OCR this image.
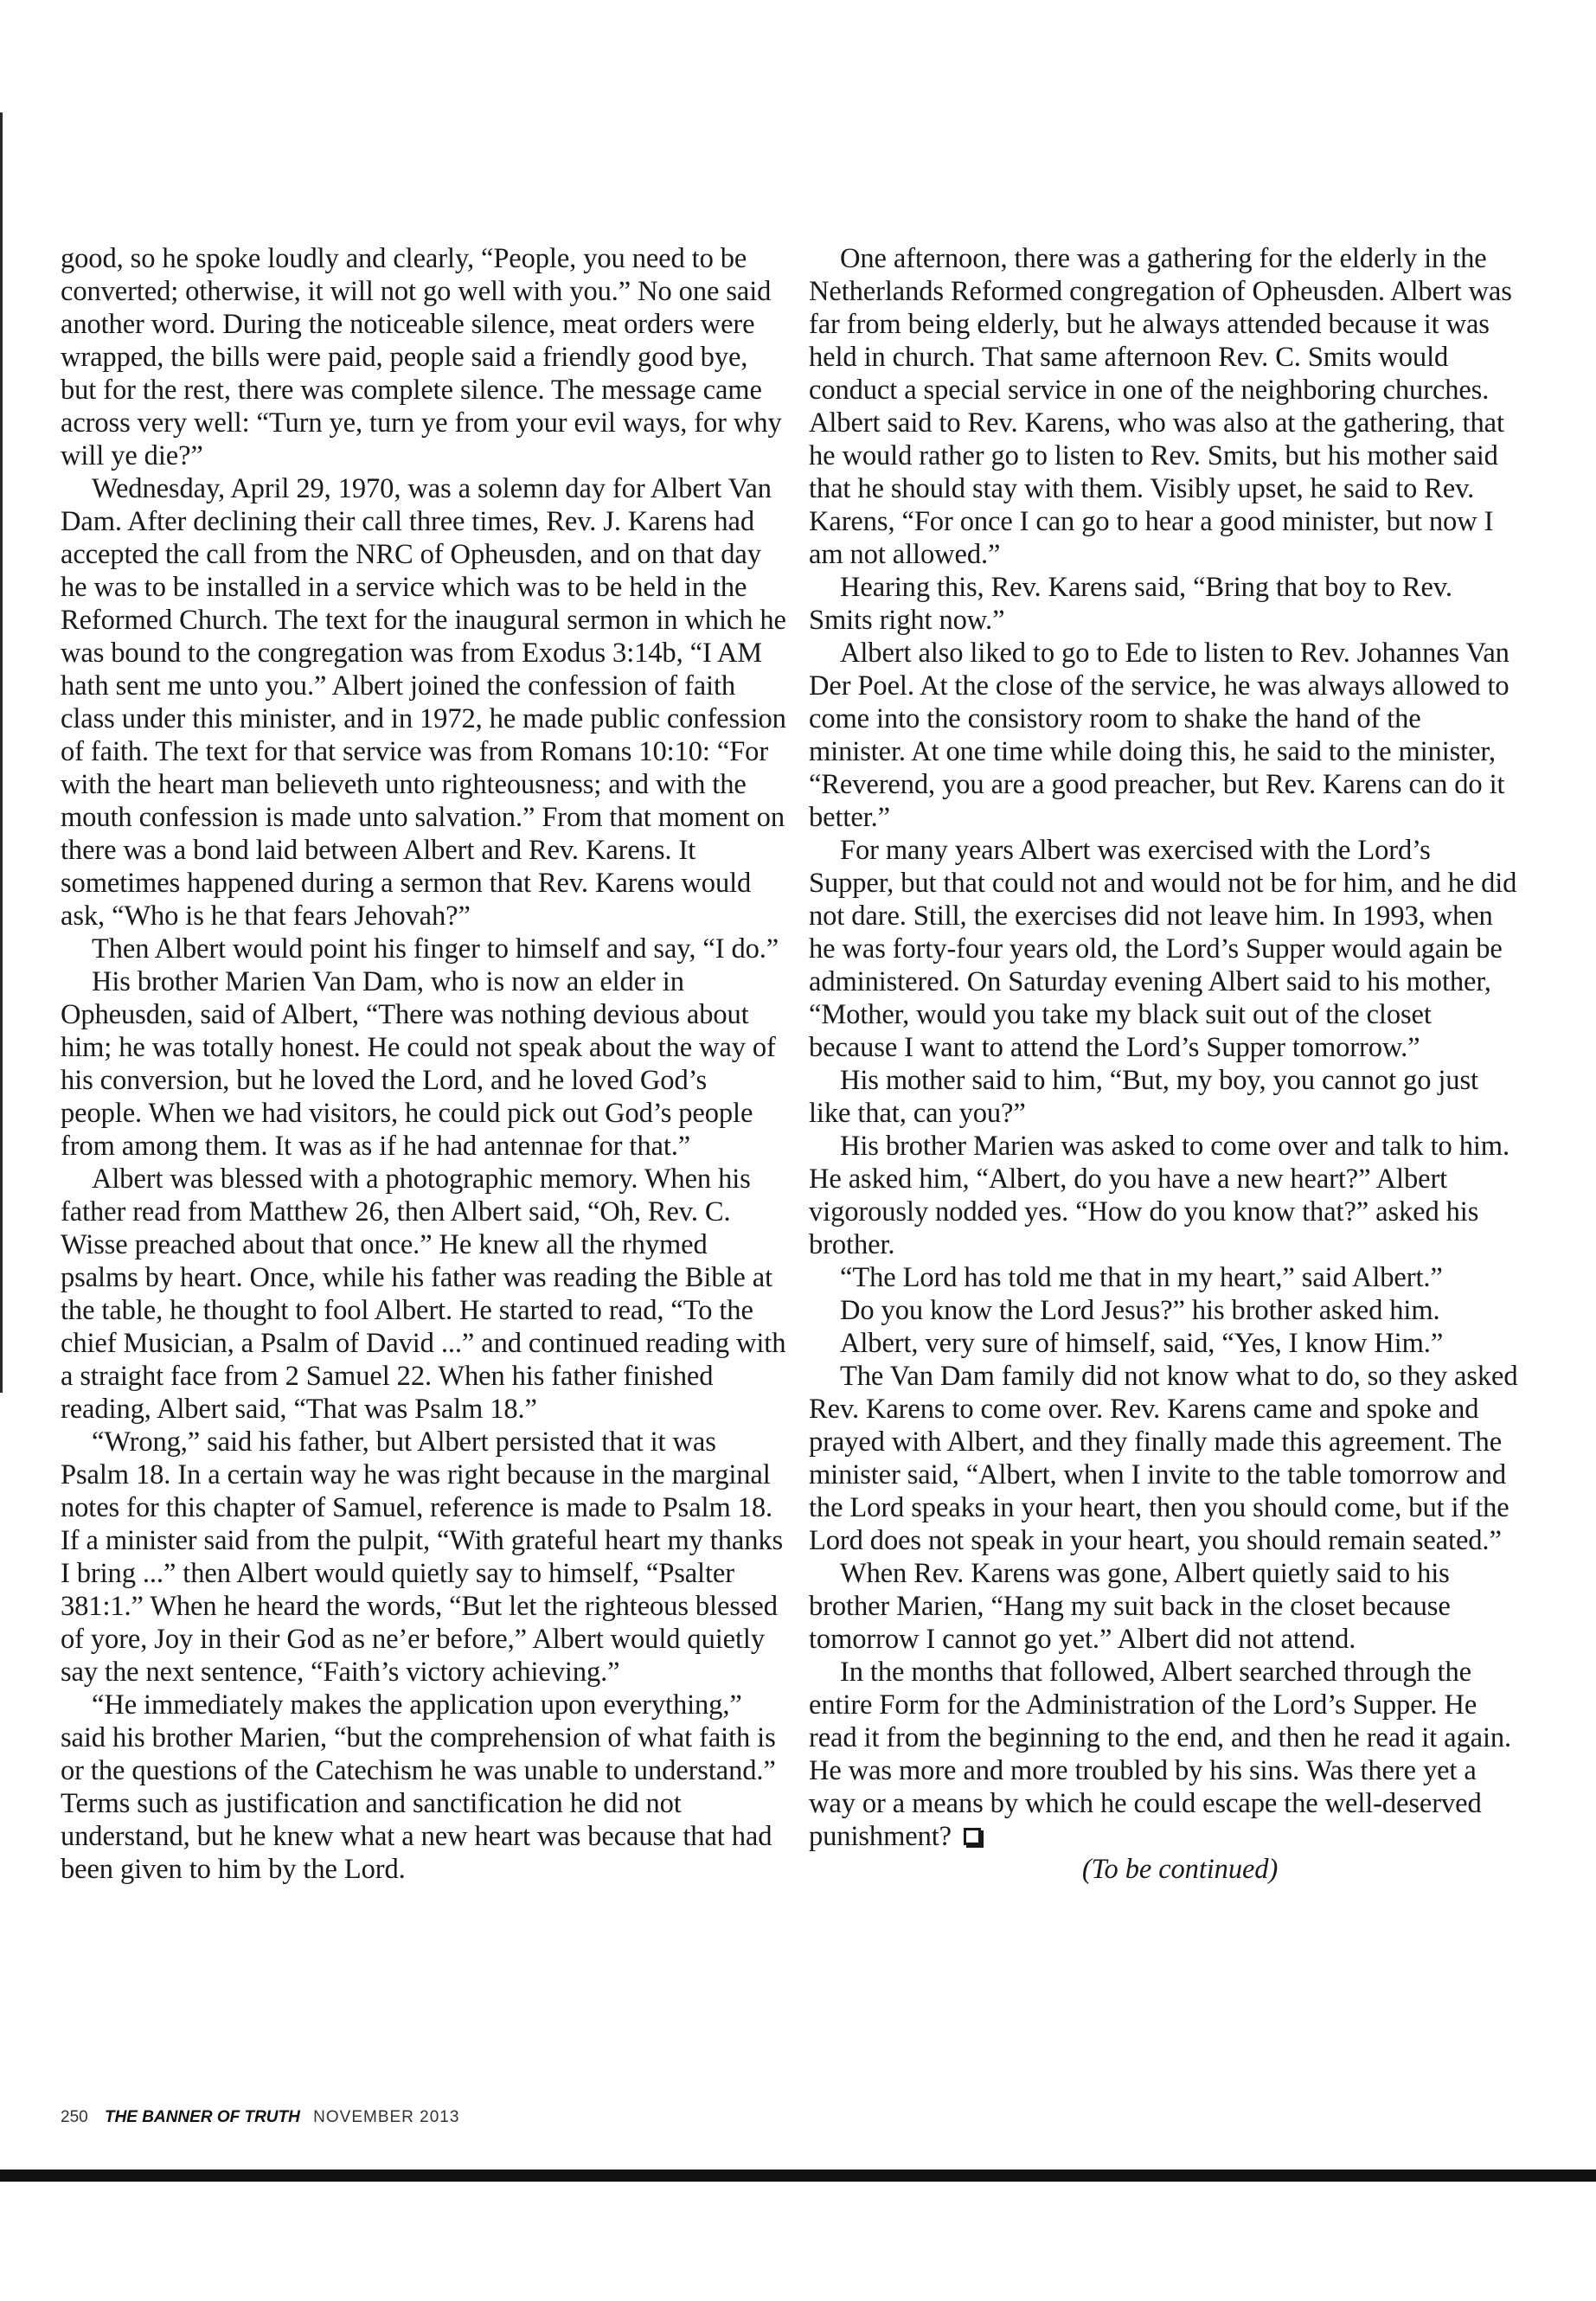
good, so he spoke loudly and clearly, “People, you need to be converted; otherwise, it will not go well with you.” No one said another word. During the noticeable silence, meat orders were wrapped, the bills were paid, people said a friendly good bye, but for the rest, there was complete silence. The message came across very well: “Turn ye, turn ye from your evil ways, for why will ye die?”

Wednesday, April 29, 1970, was a solemn day for Albert Van Dam. After declining their call three times, Rev. J. Karens had accepted the call from the NRC of Opheusden, and on that day he was to be installed in a service which was to be held in the Reformed Church. The text for the inaugural sermon in which he was bound to the congregation was from Exodus 3:14b, “I AM hath sent me unto you.” Albert joined the confession of faith class under this minister, and in 1972, he made public confession of faith. The text for that service was from Romans 10:10: “For with the heart man believeth unto righteousness; and with the mouth confession is made unto salvation.” From that moment on there was a bond laid between Albert and Rev. Karens. It sometimes happened during a sermon that Rev. Karens would ask, “Who is he that fears Jehovah?”

Then Albert would point his finger to himself and say, “I do.”

His brother Marien Van Dam, who is now an elder in Opheusden, said of Albert, “There was nothing devious about him; he was totally honest. He could not speak about the way of his conversion, but he loved the Lord, and he loved God’s people. When we had visitors, he could pick out God’s people from among them. It was as if he had antennae for that.”

Albert was blessed with a photographic memory. When his father read from Matthew 26, then Albert said, “Oh, Rev. C. Wisse preached about that once.” He knew all the rhymed psalms by heart. Once, while his father was reading the Bible at the table, he thought to fool Albert. He started to read, “To the chief Musician, a Psalm of David ...” and continued reading with a straight face from 2 Samuel 22. When his father finished reading, Albert said, “That was Psalm 18.”

“Wrong,” said his father, but Albert persisted that it was Psalm 18. In a certain way he was right because in the marginal notes for this chapter of Samuel, reference is made to Psalm 18. If a minister said from the pulpit, “With grateful heart my thanks I bring ...” then Albert would quietly say to himself, “Psalter 381:1.” When he heard the words, “But let the righteous blessed of yore, Joy in their God as ne’er before,” Albert would quietly say the next sentence, “Faith’s victory achieving.”

“He immediately makes the application upon everything,” said his brother Marien, “but the comprehension of what faith is or the questions of the Catechism he was unable to understand.” Terms such as justification and sanctification he did not understand, but he knew what a new heart was because that had been given to him by the Lord.

One afternoon, there was a gathering for the elderly in the Netherlands Reformed congregation of Opheusden. Albert was far from being elderly, but he always attended because it was held in church. That same afternoon Rev. C. Smits would conduct a special service in one of the neighboring churches. Albert said to Rev. Karens, who was also at the gathering, that he would rather go to listen to Rev. Smits, but his mother said that he should stay with them. Visibly upset, he said to Rev. Karens, “For once I can go to hear a good minister, but now I am not allowed.”

Hearing this, Rev. Karens said, “Bring that boy to Rev. Smits right now.”

Albert also liked to go to Ede to listen to Rev. Johannes Van Der Poel. At the close of the service, he was always allowed to come into the consistory room to shake the hand of the minister. At one time while doing this, he said to the minister, “Reverend, you are a good preacher, but Rev. Karens can do it better.”

For many years Albert was exercised with the Lord’s Supper, but that could not and would not be for him, and he did not dare. Still, the exercises did not leave him. In 1993, when he was forty-four years old, the Lord’s Supper would again be administered. On Saturday evening Albert said to his mother, “Mother, would you take my black suit out of the closet because I want to attend the Lord’s Supper tomorrow.”

His mother said to him, “But, my boy, you cannot go just like that, can you?”

His brother Marien was asked to come over and talk to him. He asked him, “Albert, do you have a new heart?” Albert vigorously nodded yes. “How do you know that?” asked his brother.

“The Lord has told me that in my heart,” said Albert.”

Do you know the Lord Jesus?” his brother asked him.

Albert, very sure of himself, said, “Yes, I know Him.”

The Van Dam family did not know what to do, so they asked Rev. Karens to come over. Rev. Karens came and spoke and prayed with Albert, and they finally made this agreement. The minister said, “Albert, when I invite to the table tomorrow and the Lord speaks in your heart, then you should come, but if the Lord does not speak in your heart, you should remain seated.”

When Rev. Karens was gone, Albert quietly said to his brother Marien, “Hang my suit back in the closet because tomorrow I cannot go yet.” Albert did not attend.

In the months that followed, Albert searched through the entire Form for the Administration of the Lord’s Supper. He read it from the beginning to the end, and then he read it again. He was more and more troubled by his sins. Was there yet a way or a means by which he could escape the well-deserved punishment?

(To be continued)

250 THE BANNER OF TRUTH NOVEMBER 2013
